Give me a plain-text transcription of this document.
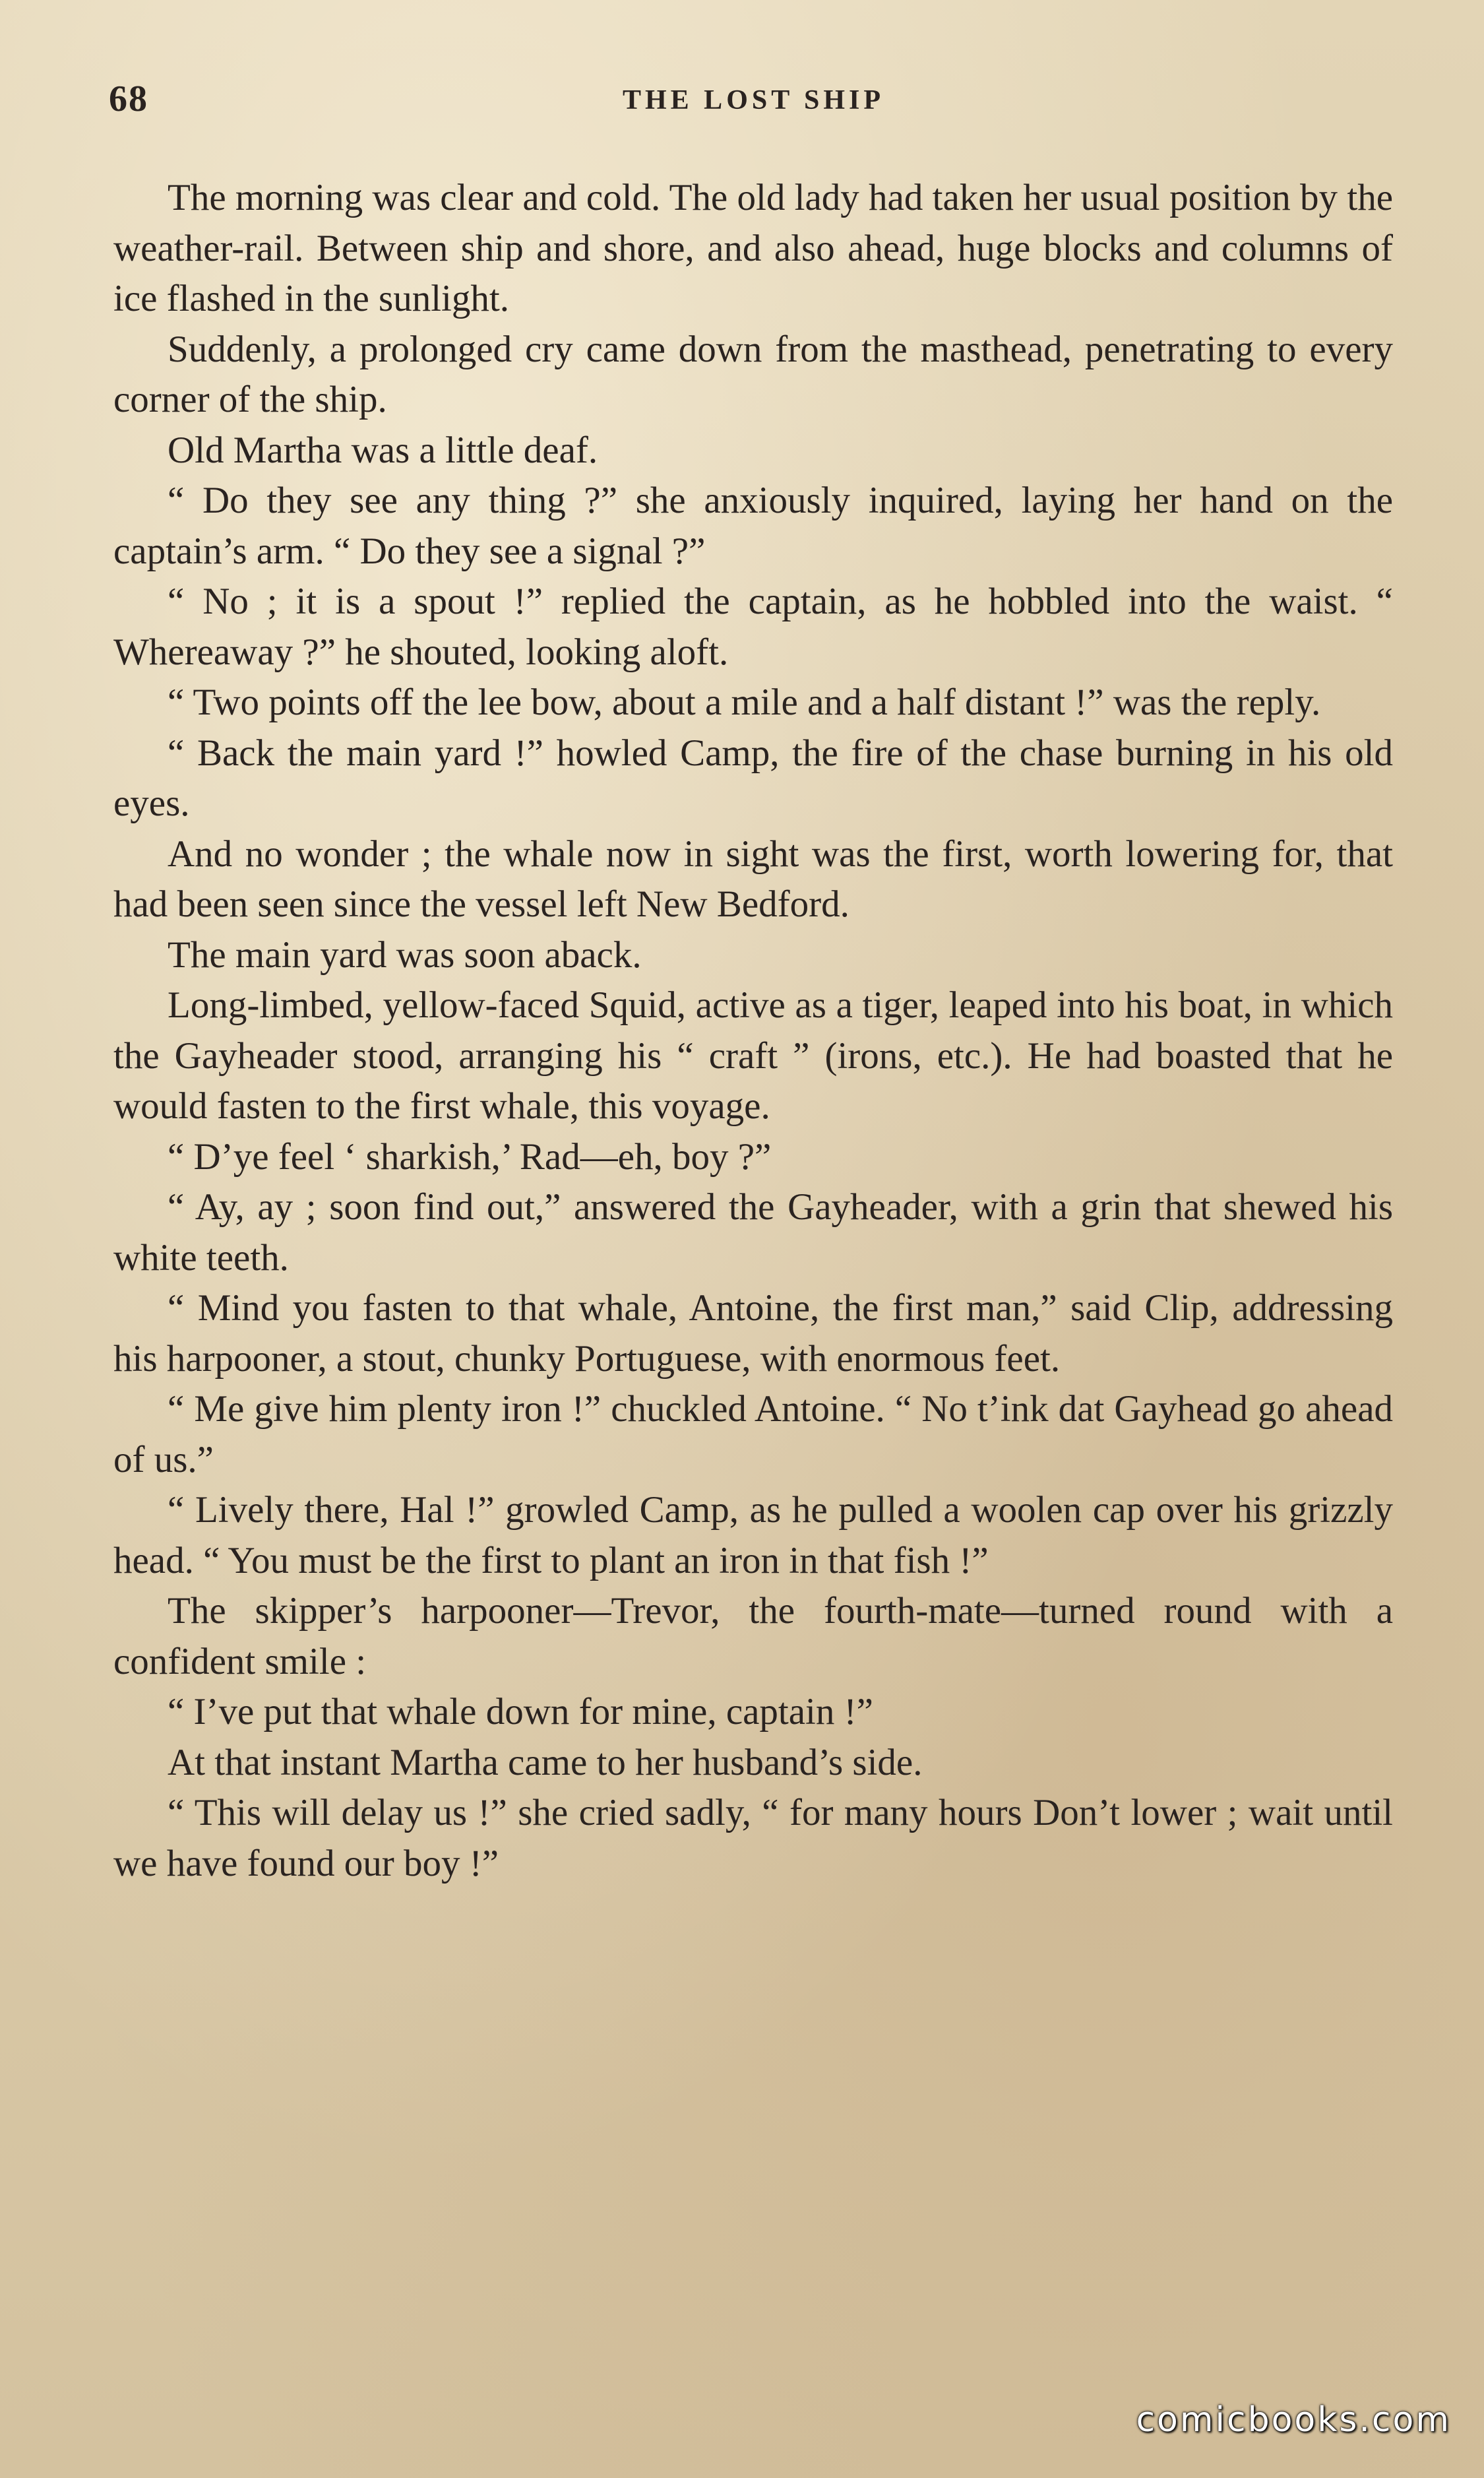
68	THE LOST SHIP

The morning was clear and cold. The old lady had taken her usual position by the weather-rail. Between ship and shore, and also ahead, huge blocks and columns of ice flashed in the sunlight.

Suddenly, a prolonged cry came down from the masthead, penetrating to every corner of the ship.

Old Martha was a little deaf.

“ Do they see any thing ?” she anxiously inquired, laying her hand on the captain’s arm. “ Do they see a signal ?”

“ No ; it is a spout !” replied the captain, as he hobbled into the waist. “ Whereaway ?” he shouted, looking aloft.

“ Two points off the lee bow, about a mile and a half distant !” was the reply.

“ Back the main yard !” howled Camp, the fire of the chase burning in his old eyes.

And no wonder ; the whale now in sight was the first, worth lowering for, that had been seen since the vessel left New Bedford.

The main yard was soon aback.

Long-limbed, yellow-faced Squid, active as a tiger, leaped into his boat, in which the Gayheader stood, arranging his “ craft ” (irons, etc.). He had boasted that he would fasten to the first whale, this voyage.

“ D’ye feel ‘ sharkish,’ Rad—eh, boy ?”

“ Ay, ay ; soon find out,” answered the Gayheader, with a grin that shewed his white teeth.

“ Mind you fasten to that whale, Antoine, the first man,” said Clip, addressing his harpooner, a stout, chunky Portuguese, with enormous feet.

“ Me give him plenty iron !” chuckled Antoine. “ No t’ink dat Gayhead go ahead of us.”

“ Lively there, Hal !” growled Camp, as he pulled a woolen cap over his grizzly head. “ You must be the first to plant an iron in that fish !”

The skipper’s harpooner—Trevor, the fourth-mate—turned round with a confident smile :

“ I’ve put that whale down for mine, captain !”

At that instant Martha came to her husband’s side.

“ This will delay us !” she cried sadly, “ for many hours Don’t lower ; wait until we have found our boy !”

comicbooks.com
